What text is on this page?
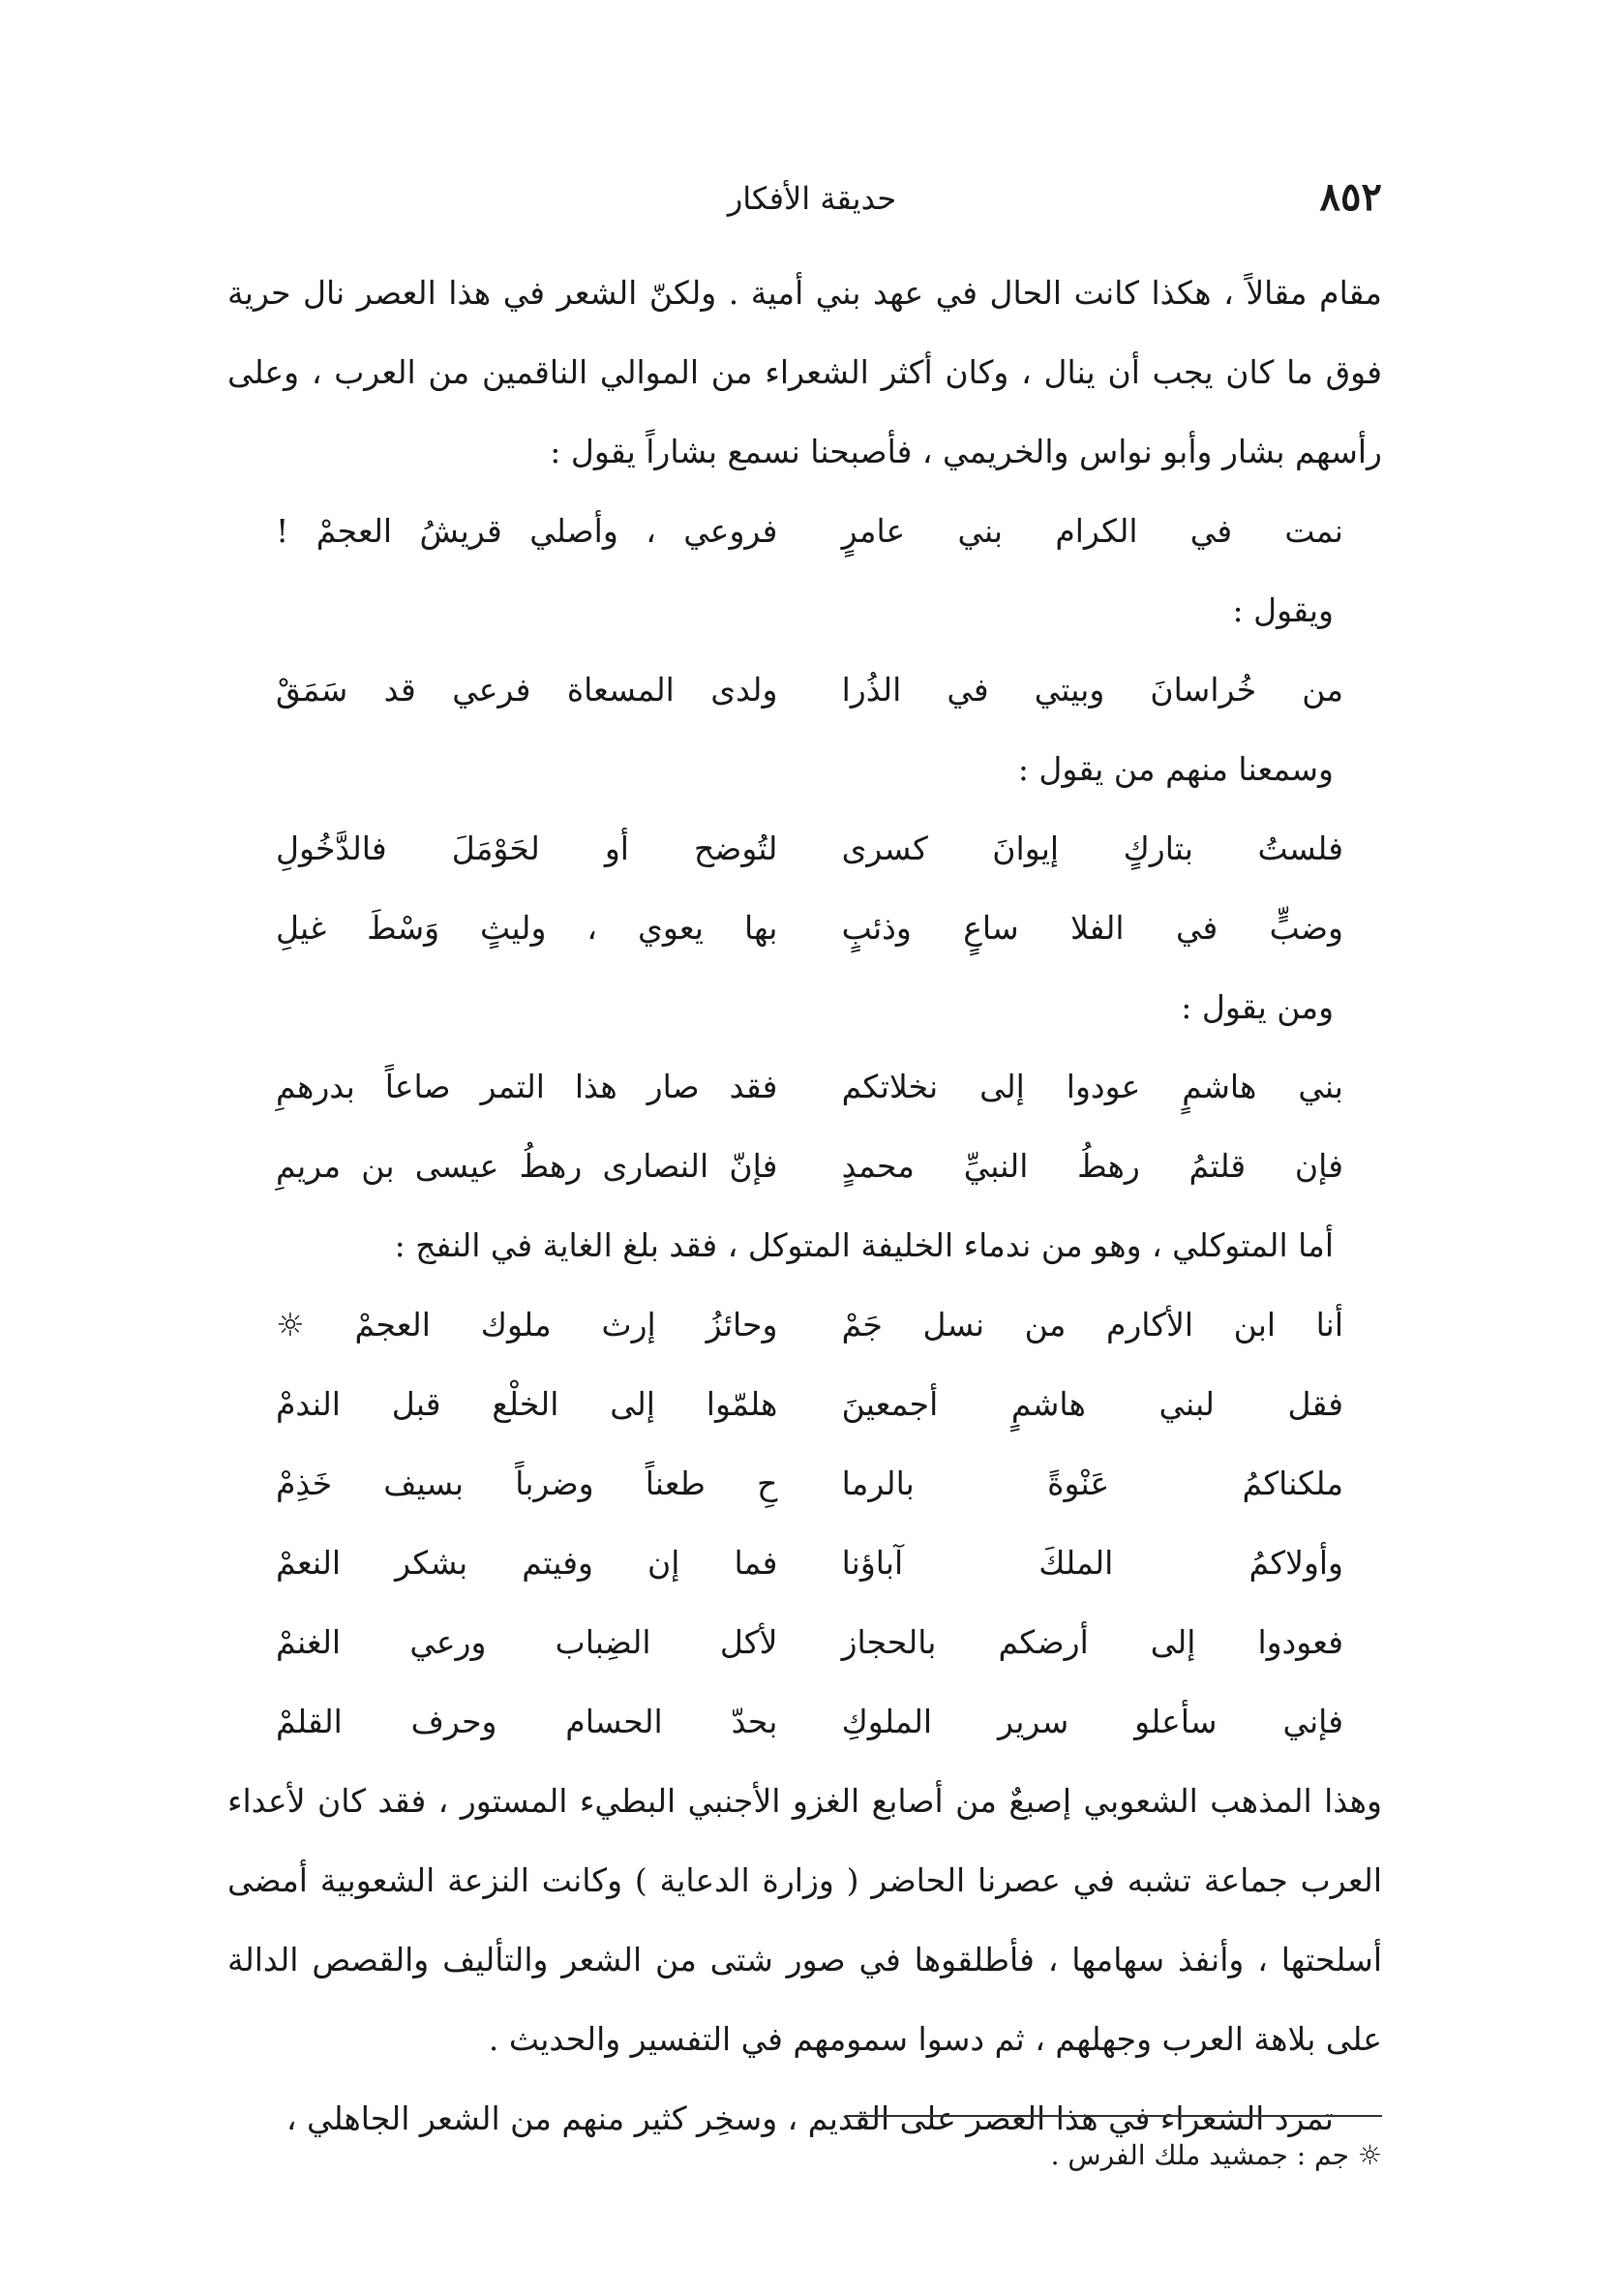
٨٥٢
حديقة الأفكار

مقام مقالاً ، هكذا كانت الحال في عهد بني أمية . ولكنّ الشعر في هذا العصر نال حرية فوق ما كان يجب أن ينال ، وكان أكثر الشعراء من الموالي الناقمين من العرب ، وعلى رأسهم بشار وأبو نواس والخريمي ، فأصبحنا نسمع بشاراً يقول :

نمت في الكرام بني عامرٍ
فروعي ، وأصلي قريشُ العجمْ !

ويقول :

من خُراسانَ وبيتي في الذُرا
ولدى المسعاة فرعي قد سَمَقْ

وسمعنا منهم من يقول :

فلستُ بتاركٍ إيوانَ كسرى
لتُوضح أو لحَوْمَلَ فالدَّخُولِ
وضبٍّ في الفلا ساعٍ وذئبٍ
بها يعوي ، وليثٍ وَسْطَ غيلِ

ومن يقول :

بني هاشمٍ عودوا إلى نخلاتكم
فقد صار هذا التمر صاعاً بدرهمِ
فإن قلتمُ رهطُ النبيِّ محمدٍ
فإنّ النصارى رهطُ عيسى بن مريمِ

أما المتوكلي ، وهو من ندماء الخليفة المتوكل ، فقد بلغ الغاية في النفج :

أنا ابن الأكارم من نسل جَمْ
وحائزُ إرث ملوك العجمْ ☼
فقل لبني هاشمٍ أجمعينَ
هلمّوا إلى الخلْع قبل الندمْ
ملكناكمُ عَنْوةً بالرما
حِ طعناً وضرباً بسيف خَذِمْ
وأولاكمُ الملكَ آباؤنا
فما إن وفيتم بشكر النعمْ
فعودوا إلى أرضكم بالحجاز
لأكل الضِباب ورعي الغنمْ
فإني سأعلو سرير الملوكِ
بحدّ الحسام وحرف القلمْ

وهذا المذهب الشعوبي إصبعٌ من أصابع الغزو الأجنبي البطيء المستور ، فقد كان لأعداء العرب جماعة تشبه في عصرنا الحاضر ( وزارة الدعاية ) وكانت النزعة الشعوبية أمضى أسلحتها ، وأنفذ سهامها ، فأطلقوها في صور شتى من الشعر والتأليف والقصص الدالة على بلاهة العرب وجهلهم ، ثم دسوا سمومهم في التفسير والحديث .

تمرد الشعراء في هذا العصر على القديم ، وسخِر كثير منهم من الشعر الجاهلي ،

☼ جم : جمشيد ملك الفرس .
